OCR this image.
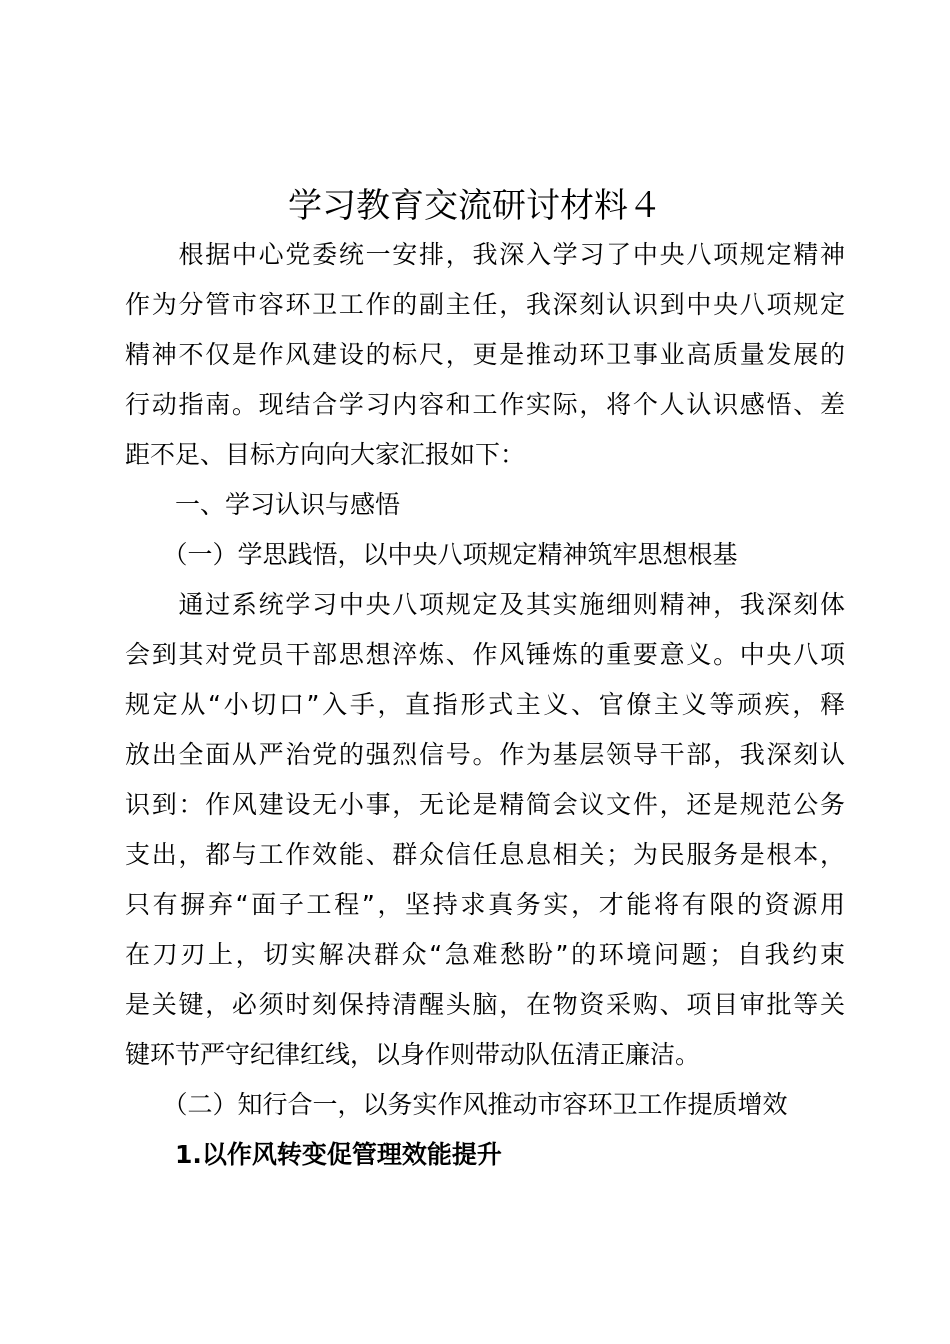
学习教育交流研讨材料４

　　根据中心党委统一安排，我深入学习了中央八项规定精神

作为分管市容环卫工作的副主任，我深刻认识到中央八项规定

精神不仅是作风建设的标尺，更是推动环卫事业高质量发展的

行动指南。现结合学习内容和工作实际，将个人认识感悟、差

距不足、目标方向向大家汇报如下：

　　一、学习认识与感悟

　　（一）学思践悟，以中央八项规定精神筑牢思想根基

　　通过系统学习中央八项规定及其实施细则精神，我深刻体

会到其对党员干部思想淬炼、作风锤炼的重要意义。中央八项

规定从“小切口”入手，直指形式主义、官僚主义等顽疾，释

放出全面从严治党的强烈信号。作为基层领导干部，我深刻认

识到：作风建设无小事，无论是精简会议文件，还是规范公务

支出，都与工作效能、群众信任息息相关；为民服务是根本，

只有摒弃“面子工程”，坚持求真务实，才能将有限的资源用

在刀刃上，切实解决群众“急难愁盼”的环境问题；自我约束

是关键，必须时刻保持清醒头脑，在物资采购、项目审批等关

键环节严守纪律红线，以身作则带动队伍清正廉洁。

　　（二）知行合一，以务实作风推动市容环卫工作提质增效

　　1.以作风转变促管理效能提升
